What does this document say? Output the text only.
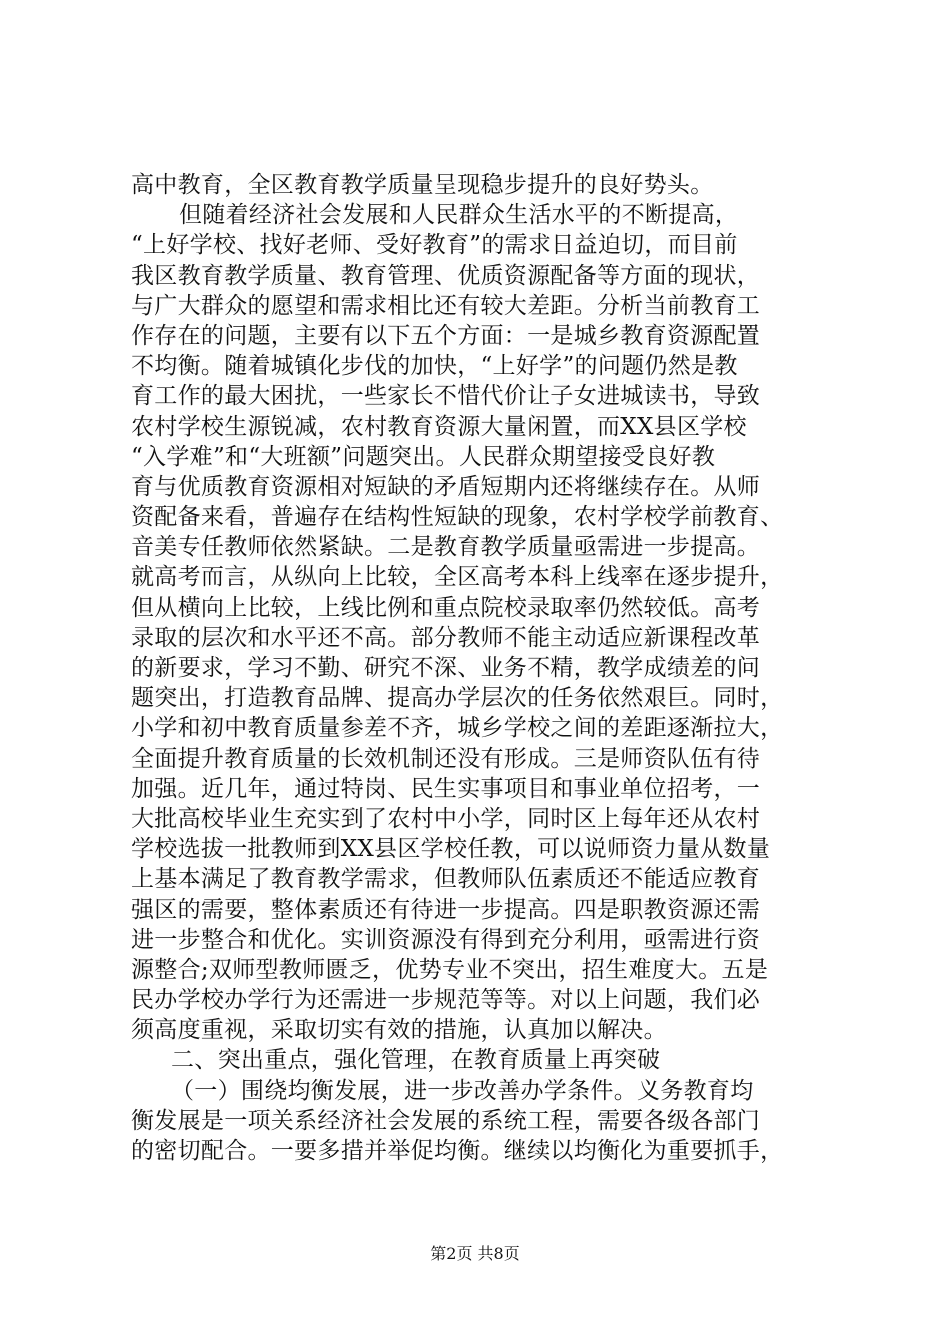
高中教育，全区教育教学质量呈现稳步提升的良好势头。
但随着经济社会发展和人民群众生活水平的不断提高，
“上好学校、找好老师、受好教育”的需求日益迫切，而目前
我区教育教学质量、教育管理、优质资源配备等方面的现状，
与广大群众的愿望和需求相比还有较大差距。分析当前教育工
作存在的问题，主要有以下五个方面：一是城乡教育资源配置
不均衡。随着城镇化步伐的加快，“上好学”的问题仍然是教
育工作的最大困扰，一些家长不惜代价让子女进城读书，导致
农村学校生源锐减，农村教育资源大量闲置，而XX县区学校
“入学难”和“大班额”问题突出。人民群众期望接受良好教
育与优质教育资源相对短缺的矛盾短期内还将继续存在。从师
资配备来看，普遍存在结构性短缺的现象，农村学校学前教育、
音美专任教师依然紧缺。二是教育教学质量亟需进一步提高。
就高考而言，从纵向上比较，全区高考本科上线率在逐步提升，
但从横向上比较，上线比例和重点院校录取率仍然较低。高考
录取的层次和水平还不高。部分教师不能主动适应新课程改革
的新要求，学习不勤、研究不深、业务不精，教学成绩差的问
题突出，打造教育品牌、提高办学层次的任务依然艰巨。同时，
小学和初中教育质量参差不齐，城乡学校之间的差距逐渐拉大，
全面提升教育质量的长效机制还没有形成。三是师资队伍有待
加强。近几年，通过特岗、民生实事项目和事业单位招考，一
大批高校毕业生充实到了农村中小学，同时区上每年还从农村
学校选拔一批教师到XX县区学校任教，可以说师资力量从数量
上基本满足了教育教学需求，但教师队伍素质还不能适应教育
强区的需要，整体素质还有待进一步提高。四是职教资源还需
进一步整合和优化。实训资源没有得到充分利用，亟需进行资
源整合;双师型教师匮乏，优势专业不突出，招生难度大。五是
民办学校办学行为还需进一步规范等等。对以上问题，我们必
须高度重视，采取切实有效的措施，认真加以解决。
二、突出重点，强化管理，在教育质量上再突破
（一）围绕均衡发展，进一步改善办学条件。义务教育均
衡发展是一项关系经济社会发展的系统工程，需要各级各部门
的密切配合。一要多措并举促均衡。继续以均衡化为重要抓手，
第2页 共8页
